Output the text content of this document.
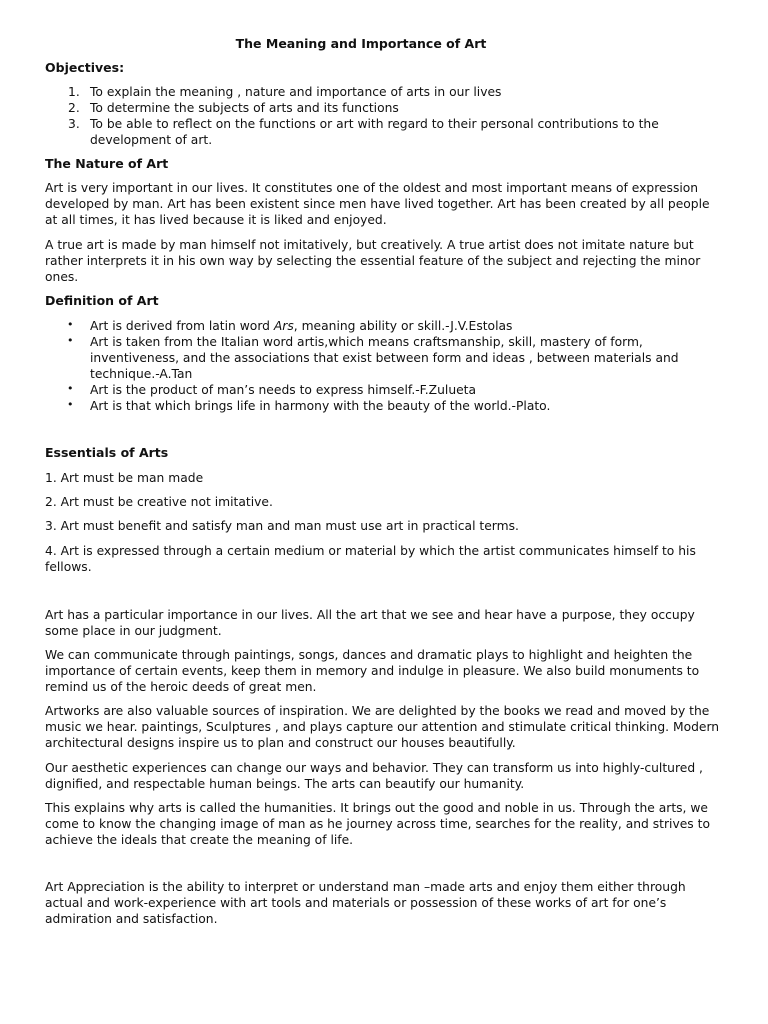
The Meaning and Importance of Art

Objectives:

1. To explain the meaning , nature and importance of arts in our lives
2. To determine the subjects of arts and its functions
3. To be able to reflect on the functions or art with regard to their personal contributions to the development of art.

The Nature of Art

Art is very important in our lives. It constitutes one of the oldest and most important means of expression developed by man. Art has been existent since men have lived together. Art has been created by all people at all times, it has lived because it is liked and enjoyed.

A true art is made by man himself not imitatively, but creatively. A true artist does not imitate nature but rather interprets it in his own way by selecting the essential feature of the subject and rejecting the minor ones.

Definition of Art

• Art is derived from latin word Ars, meaning ability or skill.-J.V.Estolas
• Art is taken from the Italian word artis,which means craftsmanship, skill, mastery of form, inventiveness, and the associations that exist between form and ideas , between materials and technique.-A.Tan
• Art is the product of man’s needs to express himself.-F.Zulueta
• Art is that which brings life in harmony with the beauty of the world.-Plato.

Essentials of Arts

1. Art must be man made

2. Art must be creative not imitative.

3. Art must benefit and satisfy man and man must use art in practical terms.

4. Art is expressed through a certain medium or material by which the artist communicates himself to his fellows.

Art has a particular importance in our lives. All the art that we see and hear have a purpose, they occupy some place in our judgment.

We can communicate through paintings, songs, dances and dramatic plays to highlight and heighten the importance of certain events, keep them in memory and indulge in pleasure. We also build monuments to remind us of the heroic deeds of great men.

Artworks are also valuable sources of inspiration. We are delighted by the books we read and moved by the music we hear. paintings, Sculptures , and plays capture our attention and stimulate critical thinking. Modern architectural designs inspire us to plan and construct our houses beautifully.

Our aesthetic experiences can change our ways and behavior. They can transform us into highly-cultured , dignified, and respectable human beings. The arts can beautify our humanity.

This explains why arts is called the humanities. It brings out the good and noble in us. Through the arts, we come to know the changing image of man as he journey across time, searches for the reality, and strives to achieve the ideals that create the meaning of life.

Art Appreciation is the ability to interpret or understand man –made arts and enjoy them either through actual and work-experience with art tools and materials or possession of these works of art for one’s admiration and satisfaction.
